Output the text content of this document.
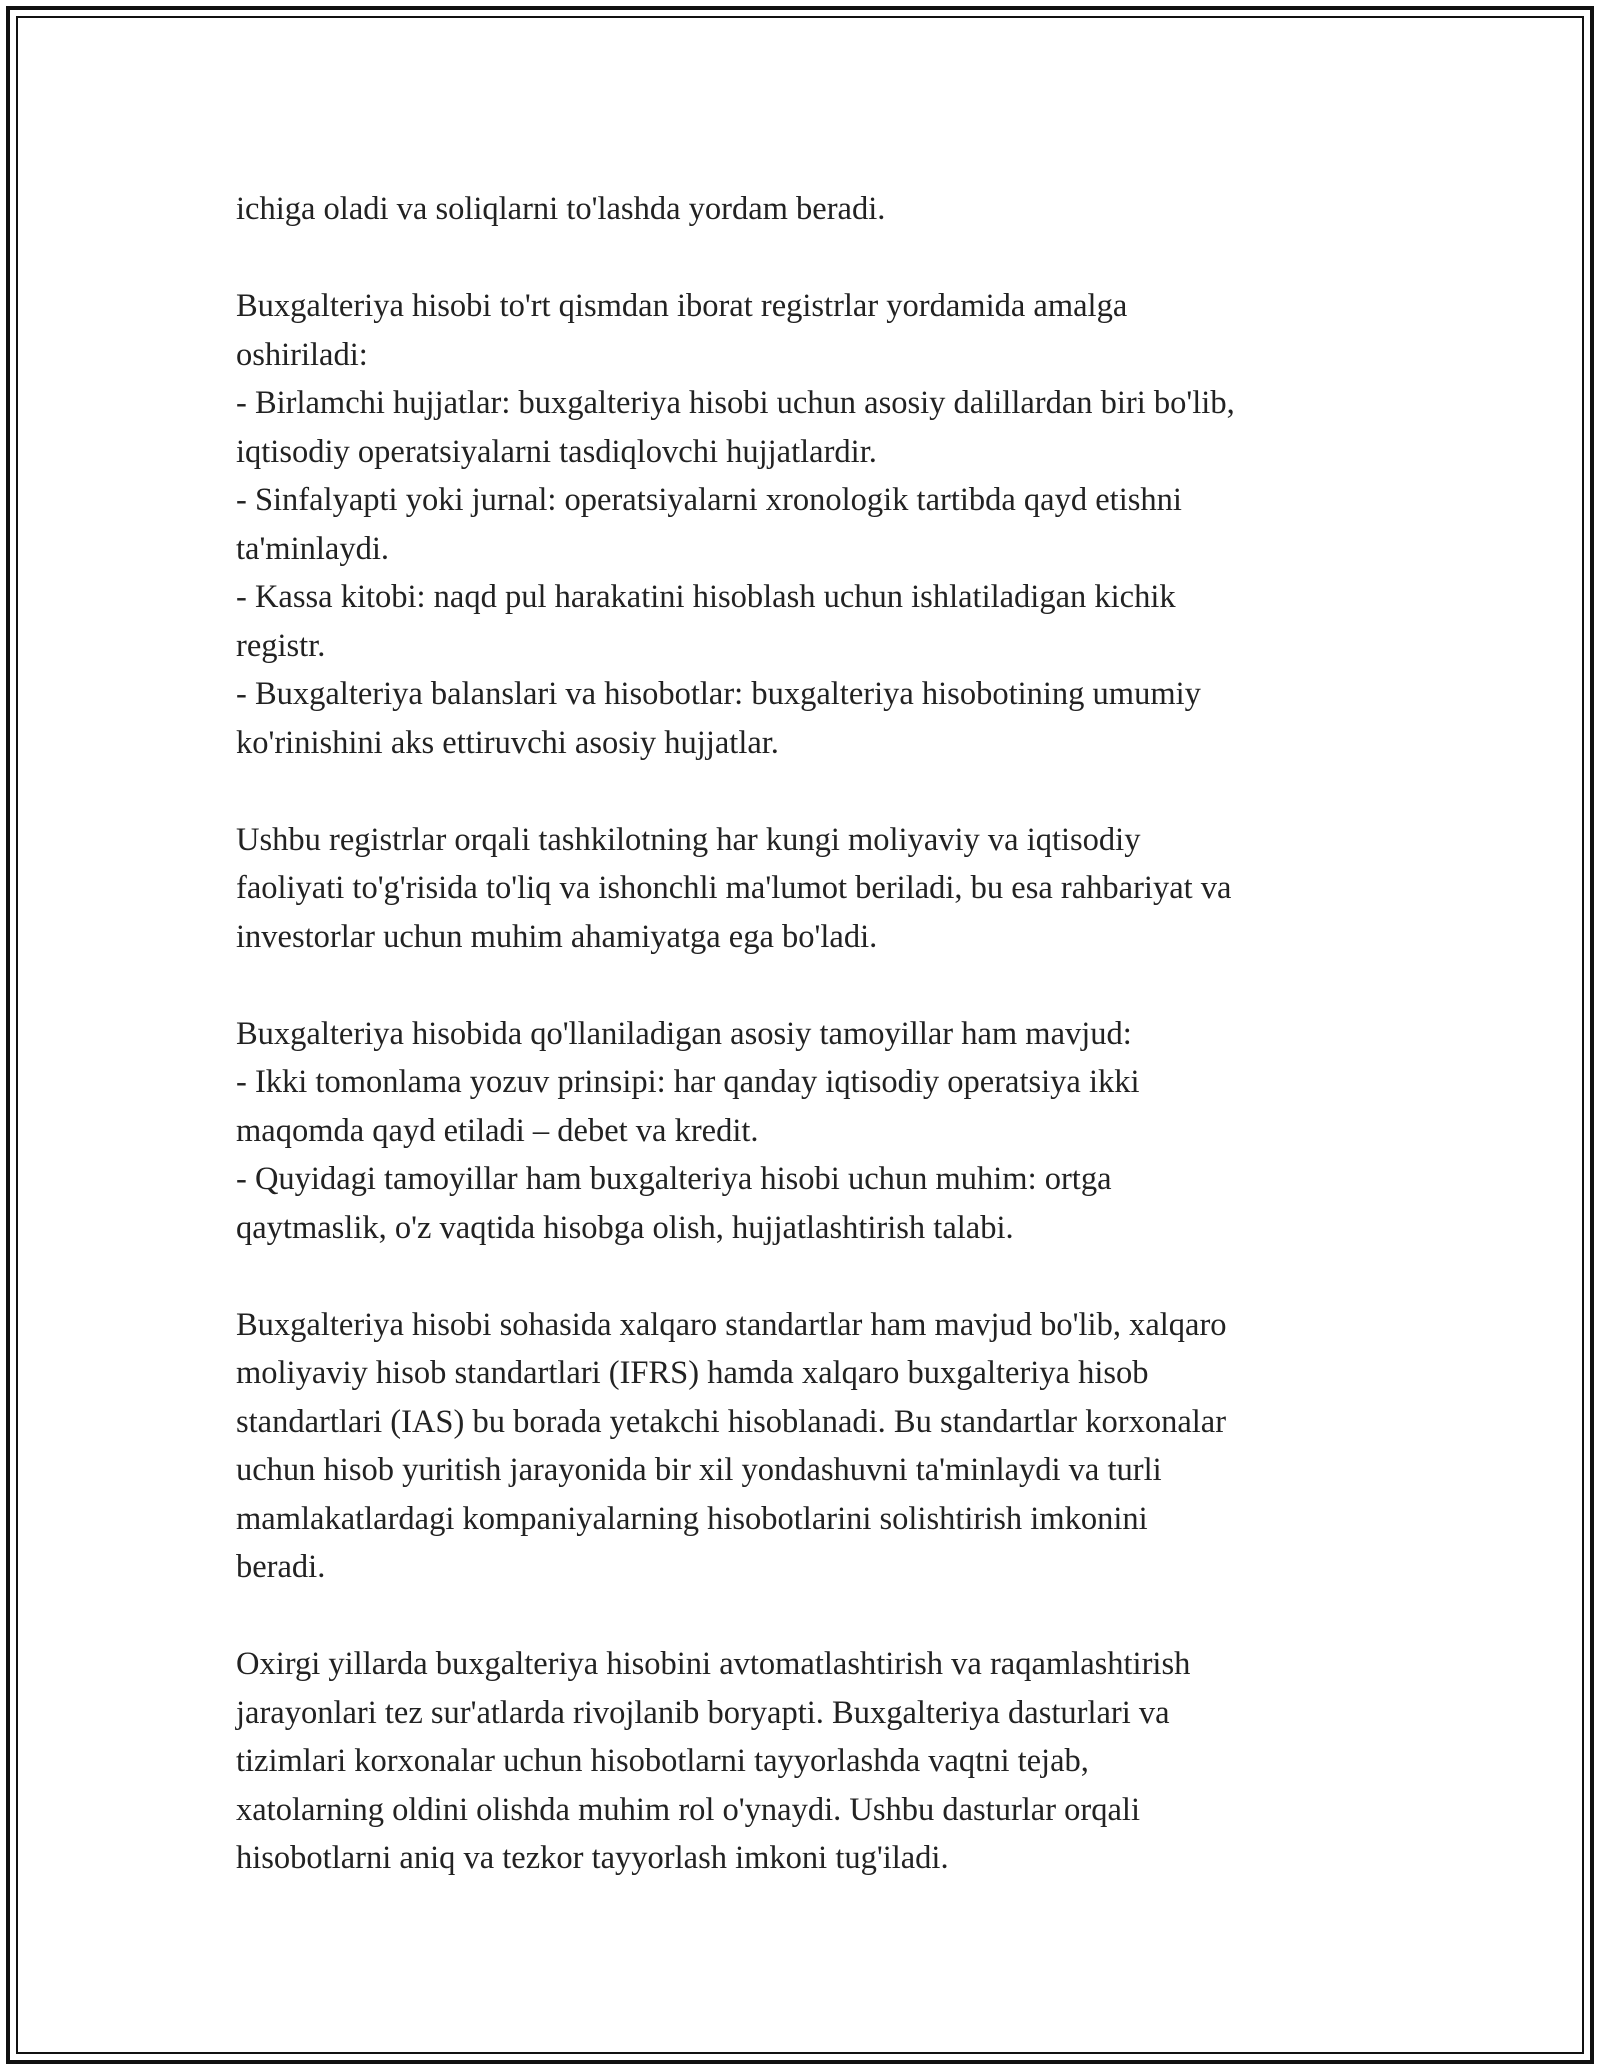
ichiga oladi va soliqlarni to'lashda yordam beradi.

Buxgalteriya hisobi to'rt qismdan iborat registrlar yordamida amalga
oshiriladi:
- Birlamchi hujjatlar: buxgalteriya hisobi uchun asosiy dalillardan biri bo'lib,
iqtisodiy operatsiyalarni tasdiqlovchi hujjatlardir.
- Sinfalyapti yoki jurnal: operatsiyalarni xronologik tartibda qayd etishni
ta'minlaydi.
- Kassa kitobi: naqd pul harakatini hisoblash uchun ishlatiladigan kichik
registr.
- Buxgalteriya balanslari va hisobotlar: buxgalteriya hisobotining umumiy
ko'rinishini aks ettiruvchi asosiy hujjatlar.

Ushbu registrlar orqali tashkilotning har kungi moliyaviy va iqtisodiy
faoliyati to'g'risida to'liq va ishonchli ma'lumot beriladi, bu esa rahbariyat va
investorlar uchun muhim ahamiyatga ega bo'ladi.

Buxgalteriya hisobida qo'llaniladigan asosiy tamoyillar ham mavjud:
- Ikki tomonlama yozuv prinsipi: har qanday iqtisodiy operatsiya ikki
maqomda qayd etiladi – debet va kredit.
- Quyidagi tamoyillar ham buxgalteriya hisobi uchun muhim: ortga
qaytmaslik, o'z vaqtida hisobga olish, hujjatlashtirish talabi.

Buxgalteriya hisobi sohasida xalqaro standartlar ham mavjud bo'lib, xalqaro
moliyaviy hisob standartlari (IFRS) hamda xalqaro buxgalteriya hisob
standartlari (IAS) bu borada yetakchi hisoblanadi. Bu standartlar korxonalar
uchun hisob yuritish jarayonida bir xil yondashuvni ta'minlaydi va turli
mamlakatlardagi kompaniyalarning hisobotlarini solishtirish imkonini
beradi.

Oxirgi yillarda buxgalteriya hisobini avtomatlashtirish va raqamlashtirish
jarayonlari tez sur'atlarda rivojlanib boryapti. Buxgalteriya dasturlari va
tizimlari korxonalar uchun hisobotlarni tayyorlashda vaqtni tejab,
xatolarning oldini olishda muhim rol o'ynaydi. Ushbu dasturlar orqali
hisobotlarni aniq va tezkor tayyorlash imkoni tug'iladi.
